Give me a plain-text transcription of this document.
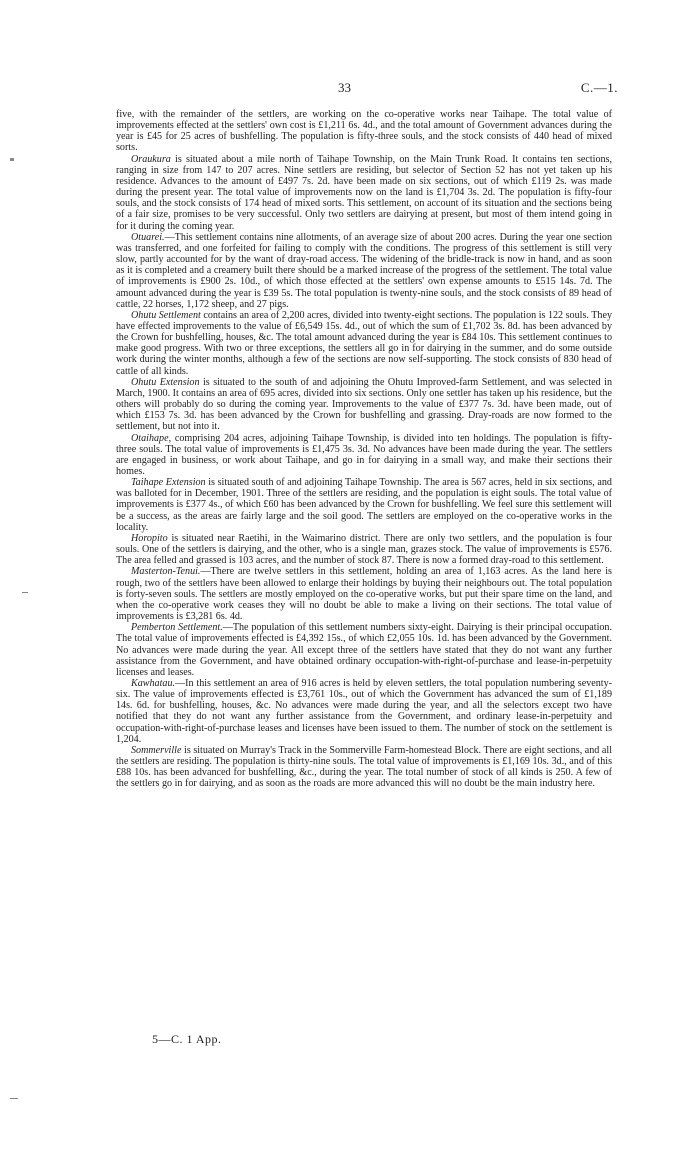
33	C.—1.

five, with the remainder of the settlers, are working on the co-operative works near Taihape. The total value of improvements effected at the settlers' own cost is £1,211 6s. 4d., and the total amount of Government advances during the year is £45 for 25 acres of bushfelling. The population is fifty-three souls, and the stock consists of 440 head of mixed sorts.

Oraukura is situated about a mile north of Taihape Township, on the Main Trunk Road. It contains ten sections, ranging in size from 147 to 207 acres. Nine settlers are residing, but selector of Section 52 has not yet taken up his residence. Advances to the amount of £497 7s. 2d. have been made on six sections, out of which £119 2s. was made during the present year. The total value of improvements now on the land is £1,704 3s. 2d. The population is fifty-four souls, and the stock consists of 174 head of mixed sorts. This settlement, on account of its situation and the sections being of a fair size, promises to be very successful. Only two settlers are dairying at present, but most of them intend going in for it during the coming year.

Otuarei.—This settlement contains nine allotments, of an average size of about 200 acres. During the year one section was transferred, and one forfeited for failing to comply with the conditions. The progress of this settlement is still very slow, partly accounted for by the want of dray-road access. The widening of the bridle-track is now in hand, and as soon as it is completed and a creamery built there should be a marked increase of the progress of the settlement. The total value of improvements is £900 2s. 10d., of which those effected at the settlers' own expense amounts to £515 14s. 7d. The amount advanced during the year is £39 5s. The total population is twenty-nine souls, and the stock consists of 89 head of cattle, 22 horses, 1,172 sheep, and 27 pigs.

Ohutu Settlement contains an area of 2,200 acres, divided into twenty-eight sections. The population is 122 souls. They have effected improvements to the value of £6,549 15s. 4d., out of which the sum of £1,702 3s. 8d. has been advanced by the Crown for bushfelling, houses, &c. The total amount advanced during the year is £84 10s. This settlement continues to make good progress. With two or three exceptions, the settlers all go in for dairying in the summer, and do some outside work during the winter months, although a few of the sections are now self-supporting. The stock consists of 830 head of cattle of all kinds.

Ohutu Extension is situated to the south of and adjoining the Ohutu Improved-farm Settlement, and was selected in March, 1900. It contains an area of 695 acres, divided into six sections. Only one settler has taken up his residence, but the others will probably do so during the coming year. Improvements to the value of £377 7s. 3d. have been made, out of which £153 7s. 3d. has been advanced by the Crown for bushfelling and grassing. Dray-roads are now formed to the settlement, but not into it.

Otaihape, comprising 204 acres, adjoining Taihape Township, is divided into ten holdings. The population is fifty-three souls. The total value of improvements is £1,475 3s. 3d. No advances have been made during the year. The settlers are engaged in business, or work about Taihape, and go in for dairying in a small way, and make their sections their homes.

Taihape Extension is situated south of and adjoining Taihape Township. The area is 567 acres, held in six sections, and was balloted for in December, 1901. Three of the settlers are residing, and the population is eight souls. The total value of improvements is £377 4s., of which £60 has been advanced by the Crown for bushfelling. We feel sure this settlement will be a success, as the areas are fairly large and the soil good. The settlers are employed on the co-operative works in the locality.

Horopito is situated near Raetihi, in the Waimarino district. There are only two settlers, and the population is four souls. One of the settlers is dairying, and the other, who is a single man, grazes stock. The value of improvements is £576. The area felled and grassed is 103 acres, and the number of stock 87. There is now a formed dray-road to this settlement.

Masterton-Tenui.—There are twelve settlers in this settlement, holding an area of 1,163 acres. As the land here is rough, two of the settlers have been allowed to enlarge their holdings by buying their neighbours out. The total population is forty-seven souls. The settlers are mostly employed on the co-operative works, but put their spare time on the land, and when the co-operative work ceases they will no doubt be able to make a living on their sections. The total value of improvements is £3,281 6s. 4d.

Pemberton Settlement.—The population of this settlement numbers sixty-eight. Dairying is their principal occupation. The total value of improvements effected is £4,392 15s., of which £2,055 10s. 1d. has been advanced by the Government. No advances were made during the year. All except three of the settlers have stated that they do not want any further assistance from the Government, and have obtained ordinary occupation-with-right-of-purchase and lease-in-perpetuity licenses and leases.

Kawhatau.—In this settlement an area of 916 acres is held by eleven settlers, the total population numbering seventy-six. The value of improvements effected is £3,761 10s., out of which the Government has advanced the sum of £1,189 14s. 6d. for bushfelling, houses, &c. No advances were made during the year, and all the selectors except two have notified that they do not want any further assistance from the Government, and ordinary lease-in-perpetuity and occupation-with-right-of-purchase leases and licenses have been issued to them. The number of stock on the settlement is 1,204.

Sommerville is situated on Murray's Track in the Sommerville Farm-homestead Block. There are eight sections, and all the settlers are residing. The population is thirty-nine souls. The total value of improvements is £1,169 10s. 3d., and of this £88 10s. has been advanced for bushfelling, &c., during the year. The total number of stock of all kinds is 250. A few of the settlers go in for dairying, and as soon as the roads are more advanced this will no doubt be the main industry here.

5—C. 1 App.
